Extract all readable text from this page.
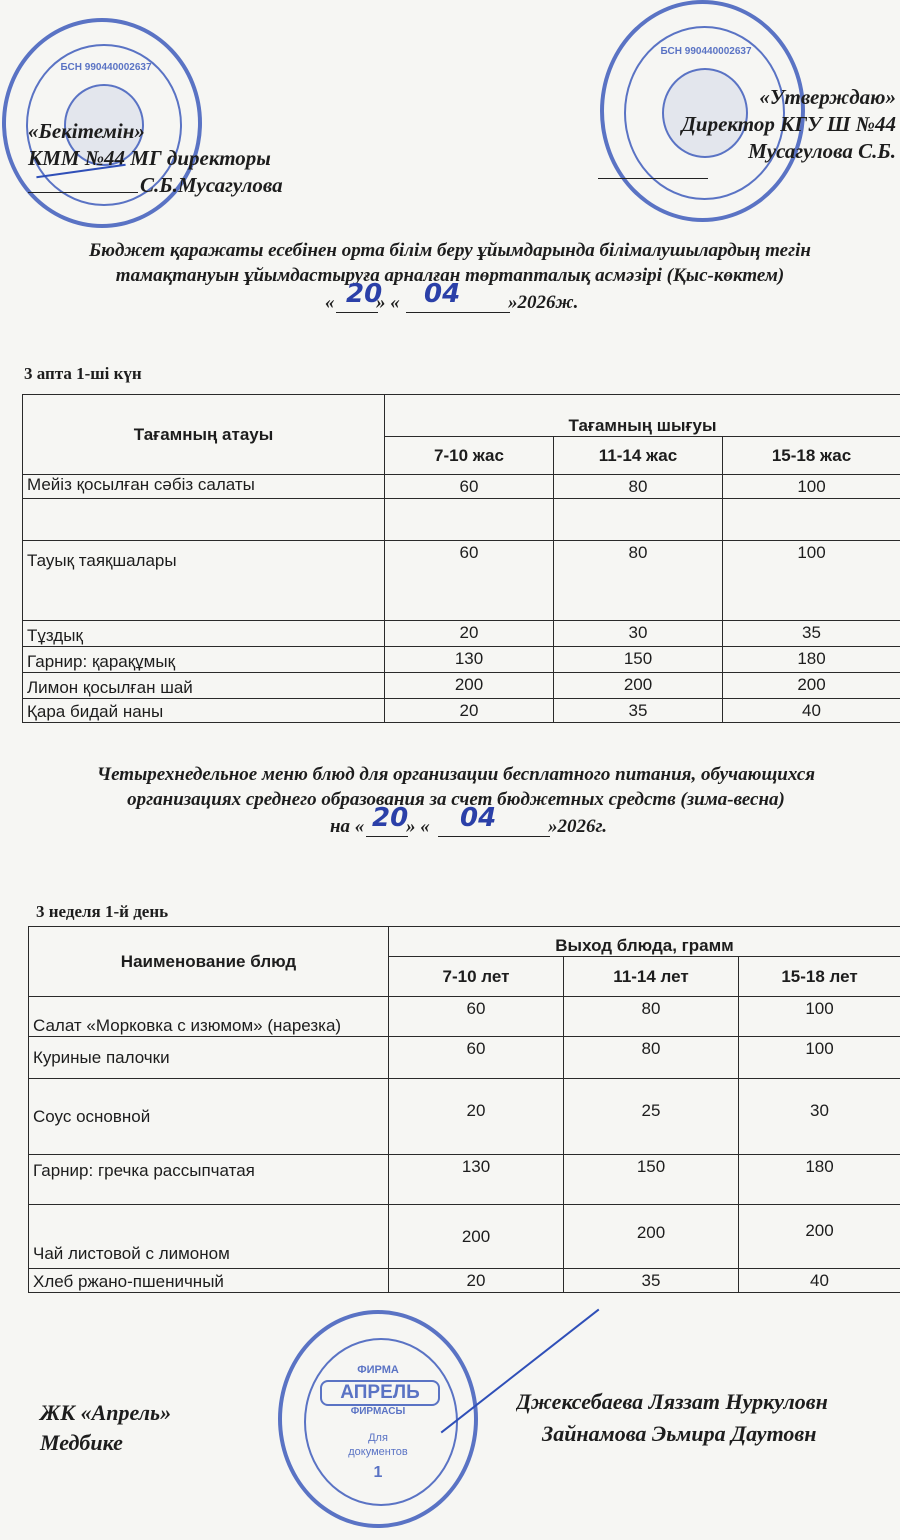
БСН 990440002637
БСН 990440002637
«Бекітемін»
КММ №44 МГ директоры
С.Б.Мусагулова
«Утверждаю»
Директор КГУ Ш №44
Мусагулова С.Б.
Бюджет қаражаты есебінен орта білім беру ұйымдарында білімалушылардың тегін
тамақтануын ұйымдастыруға арналған төртапталық асмәзірі (Қыс-көктем)
« 20
» « 04	»2026ж.
3 апта 1-ші күн
Тағамның атауы	Тағамның шығуы		
	7-10 жас	11-14 жас	15-18 жас
Мейіз қосылған сәбіз салаты	60	80	100

Тауық таяқшалары	60	80	100
Тұздық	20	30	35
Гарнир: қарақұмық	130	150	180
Лимон қосылған шай	200	200	200
Қара бидай наны	20	35	40
Четырехнедельное меню блюд для организации бесплатного питания, обучающихся
организациях среднего образования за счет бюджетных средств (зима-весна)
на « 20
» « 04	»2026г.
3 неделя 1-й день
Наименование блюд	Выход блюда, грамм		
	7-10 лет	11-14 лет	15-18 лет
Салат «Морковка с изюмом» (нарезка)	60	80	100
Куриные палочки	60	80	100
Соус основной	20	25	30
Гарнир: гречка рассыпчатая	130	150	180
Чай листовой с лимоном	200	200	200
Хлеб ржано-пшеничный	20	35	40
ФИРМА
АПРЕЛЬ
ФИРМАСЫ
Для
документов
1
ЖК «Апрель»
Медбике
Джексебаева Ляззат Нуркуловн
Зайнамова Эьмира Даутовн
